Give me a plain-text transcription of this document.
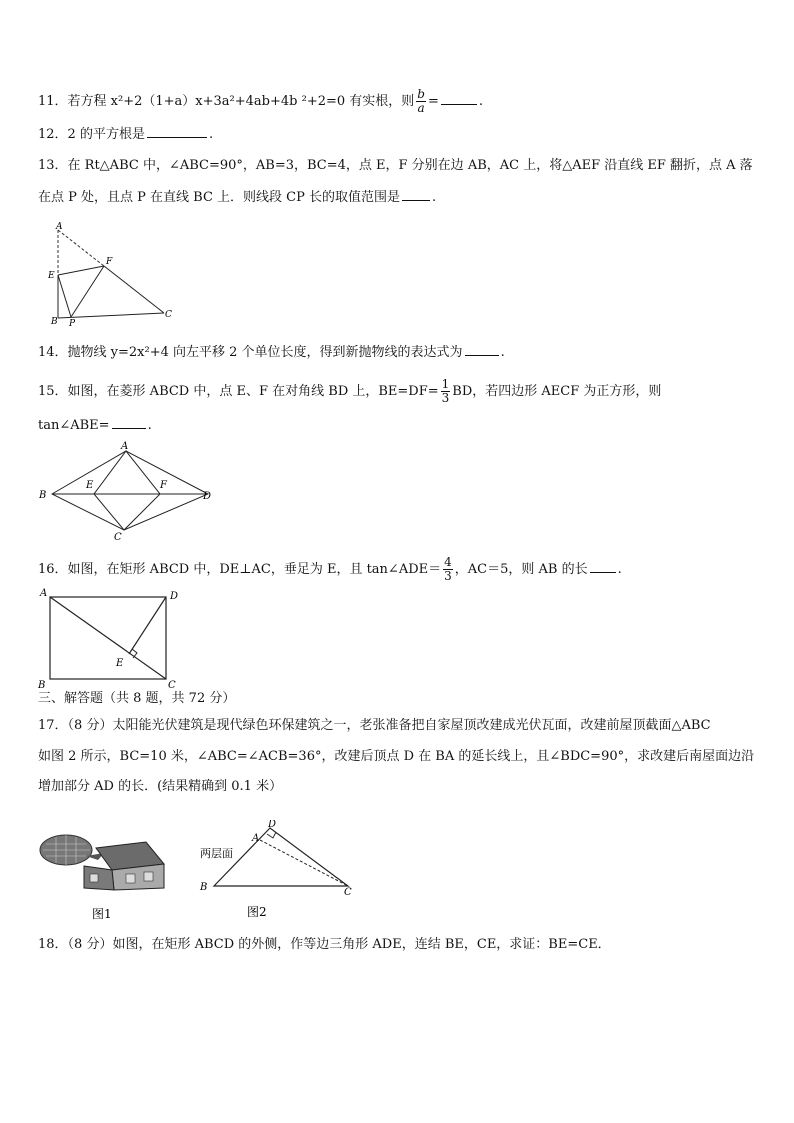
11．若方程 x²+2（1+a）x+3a²+4ab+4b ²+2=0 有实根，则 $\frac{b}{a}$ =	.
12．2 的平方根是	.
13．在 Rt△ABC 中，∠ABC=90°，AB=3，BC=4，点 E，F 分别在边 AB，AC 上，将△AEF 沿直线 EF 翻折，点 A 落
在点 P 处，且点 P 在直线 BC 上．则线段 CP 长的取值范围是 .
A
E
F
B P
C
14．抛物线 y=2x²+4 向左平移 2 个单位长度，得到新抛物线的表达式为	.
15．如图，在菱形 ABCD 中，点 E、F 在对角线 BD 上，$BE=DF= \frac{1}{3}$ BD，若四边形 AECF 为正方形，则
tan∠ABE=	.
A
B
E	F
D
C
16．如图，在矩形 ABCD 中，DE⊥AC，垂足为 E，且 tan∠ADE＝ $\frac{4}{3}$ ，AC＝5，则 AB 的长 .
A	D
B	C
E
三、解答题（共 8 题，共 72 分）
17．（8 分）太阳能光伏建筑是现代绿色环保建筑之一，老张准备把自家屋顶改建成光伏瓦面，改建前屋顶截面△ABC
如图 2 所示，BC=10 米，∠ABC=∠ACB=36°，改建后顶点 D 在 BA 的延长线上，且∠BDC=90°，求改建后南屋面边沿
增加部分 AD 的长．(结果精确到 0.1 米）
图1
A
D
B	C
两层面
图2
18．（8 分）如图，在矩形 ABCD 的外侧，作等边三角形 ADE，连结 BE，CE，求证：BE=CE．
